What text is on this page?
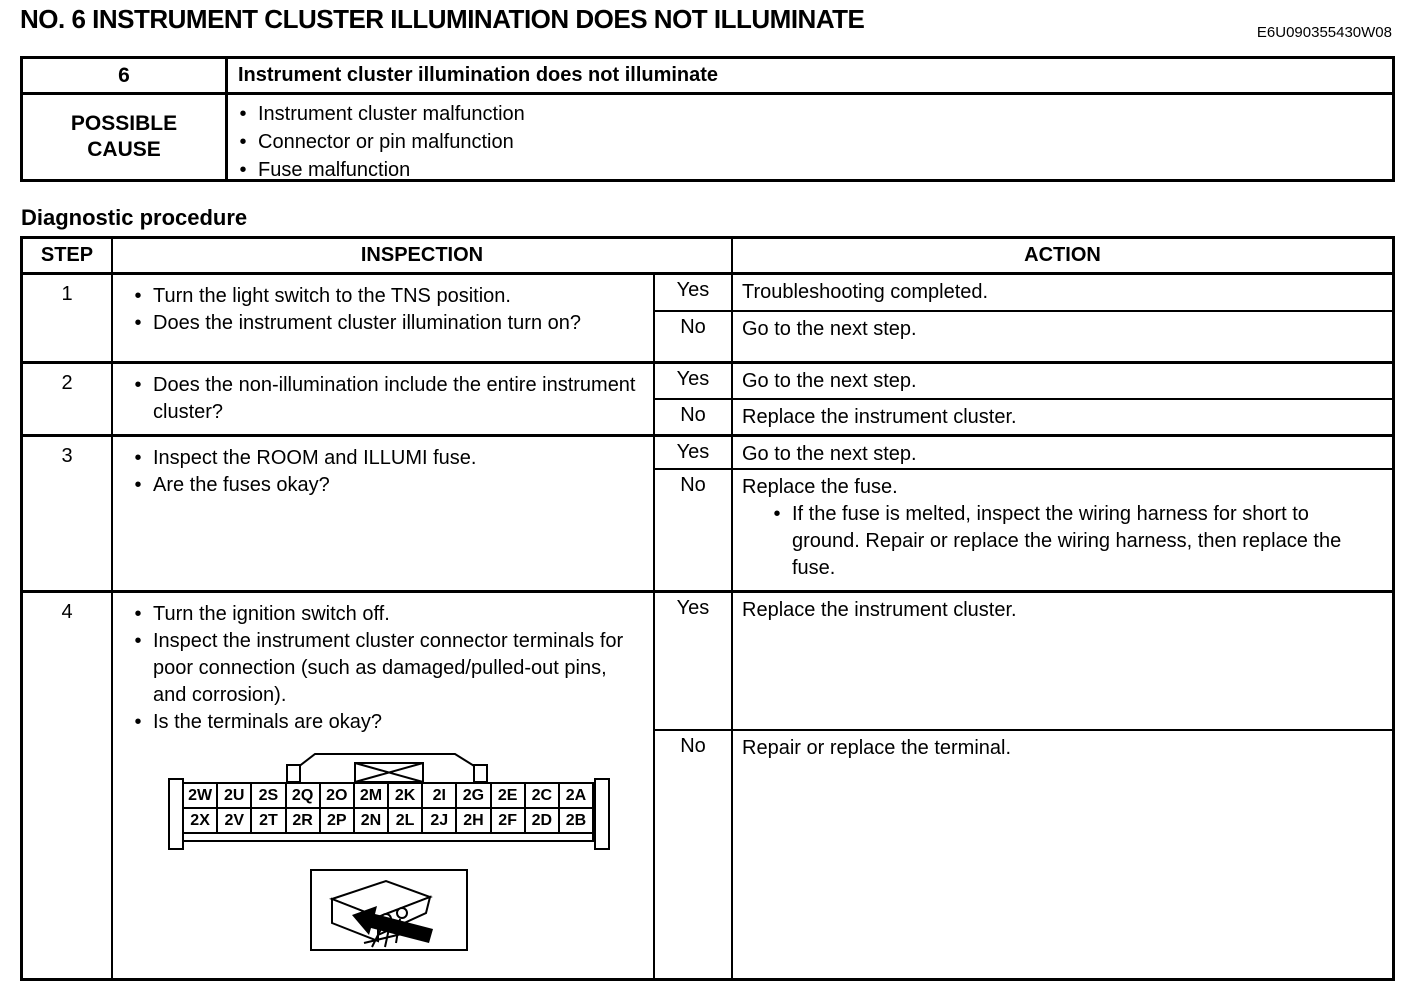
NO. 6 INSTRUMENT CLUSTER ILLUMINATION DOES NOT ILLUMINATE	E6U090355430W08
6	Instrument cluster illumination does not illuminate
POSSIBLE CAUSE
• Instrument cluster malfunction
• Connector or pin malfunction
• Fuse malfunction
Diagnostic procedure
STEP	INSPECTION	ACTION
1	• Turn the light switch to the TNS position.
• Does the instrument cluster illumination turn on?
Yes	Troubleshooting completed.
No	Go to the next step.
2	• Does the non-illumination include the entire instrument cluster?
Yes	Go to the next step.
No	Replace the instrument cluster.
3	• Inspect the ROOM and ILLUMI fuse.
• Are the fuses okay?
Yes	Go to the next step.
No	Replace the fuse.
• If the fuse is melted, inspect the wiring harness for short to ground. Repair or replace the wiring harness, then replace the fuse.
4	• Turn the ignition switch off.
• Inspect the instrument cluster connector terminals for poor connection (such as damaged/pulled-out pins, and corrosion).
• Is the terminals are okay?
Yes	Replace the instrument cluster.
No	Repair or replace the terminal.
2W 2U 2S 2Q 2O 2M 2K	2I	2G 2E 2C 2A
2X 2V 2T 2R 2P 2N 2L 2J 2H 2F 2D 2B
